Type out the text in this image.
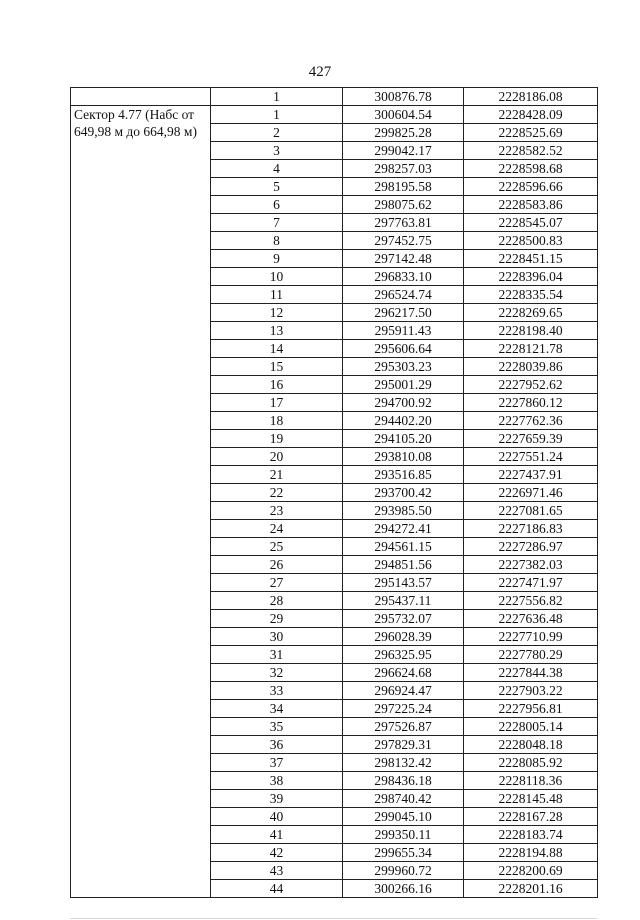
427
	1	300876.78	2228186.08
Сектор 4.77 (Набс от 649,98 м до 664,98 м)	1	300604.54	2228428.09
	2	299825.28	2228525.69
	3	299042.17	2228582.52
	4	298257.03	2228598.68
	5	298195.58	2228596.66
	6	298075.62	2228583.86
	7	297763.81	2228545.07
	8	297452.75	2228500.83
	9	297142.48	2228451.15
	10	296833.10	2228396.04
	11	296524.74	2228335.54
	12	296217.50	2228269.65
	13	295911.43	2228198.40
	14	295606.64	2228121.78
	15	295303.23	2228039.86
	16	295001.29	2227952.62
	17	294700.92	2227860.12
	18	294402.20	2227762.36
	19	294105.20	2227659.39
	20	293810.08	2227551.24
	21	293516.85	2227437.91
	22	293700.42	2226971.46
	23	293985.50	2227081.65
	24	294272.41	2227186.83
	25	294561.15	2227286.97
	26	294851.56	2227382.03
	27	295143.57	2227471.97
	28	295437.11	2227556.82
	29	295732.07	2227636.48
	30	296028.39	2227710.99
	31	296325.95	2227780.29
	32	296624.68	2227844.38
	33	296924.47	2227903.22
	34	297225.24	2227956.81
	35	297526.87	2228005.14
	36	297829.31	2228048.18
	37	298132.42	2228085.92
	38	298436.18	2228118.36
	39	298740.42	2228145.48
	40	299045.10	2228167.28
	41	299350.11	2228183.74
	42	299655.34	2228194.88
	43	299960.72	2228200.69
	44	300266.16	2228201.16
